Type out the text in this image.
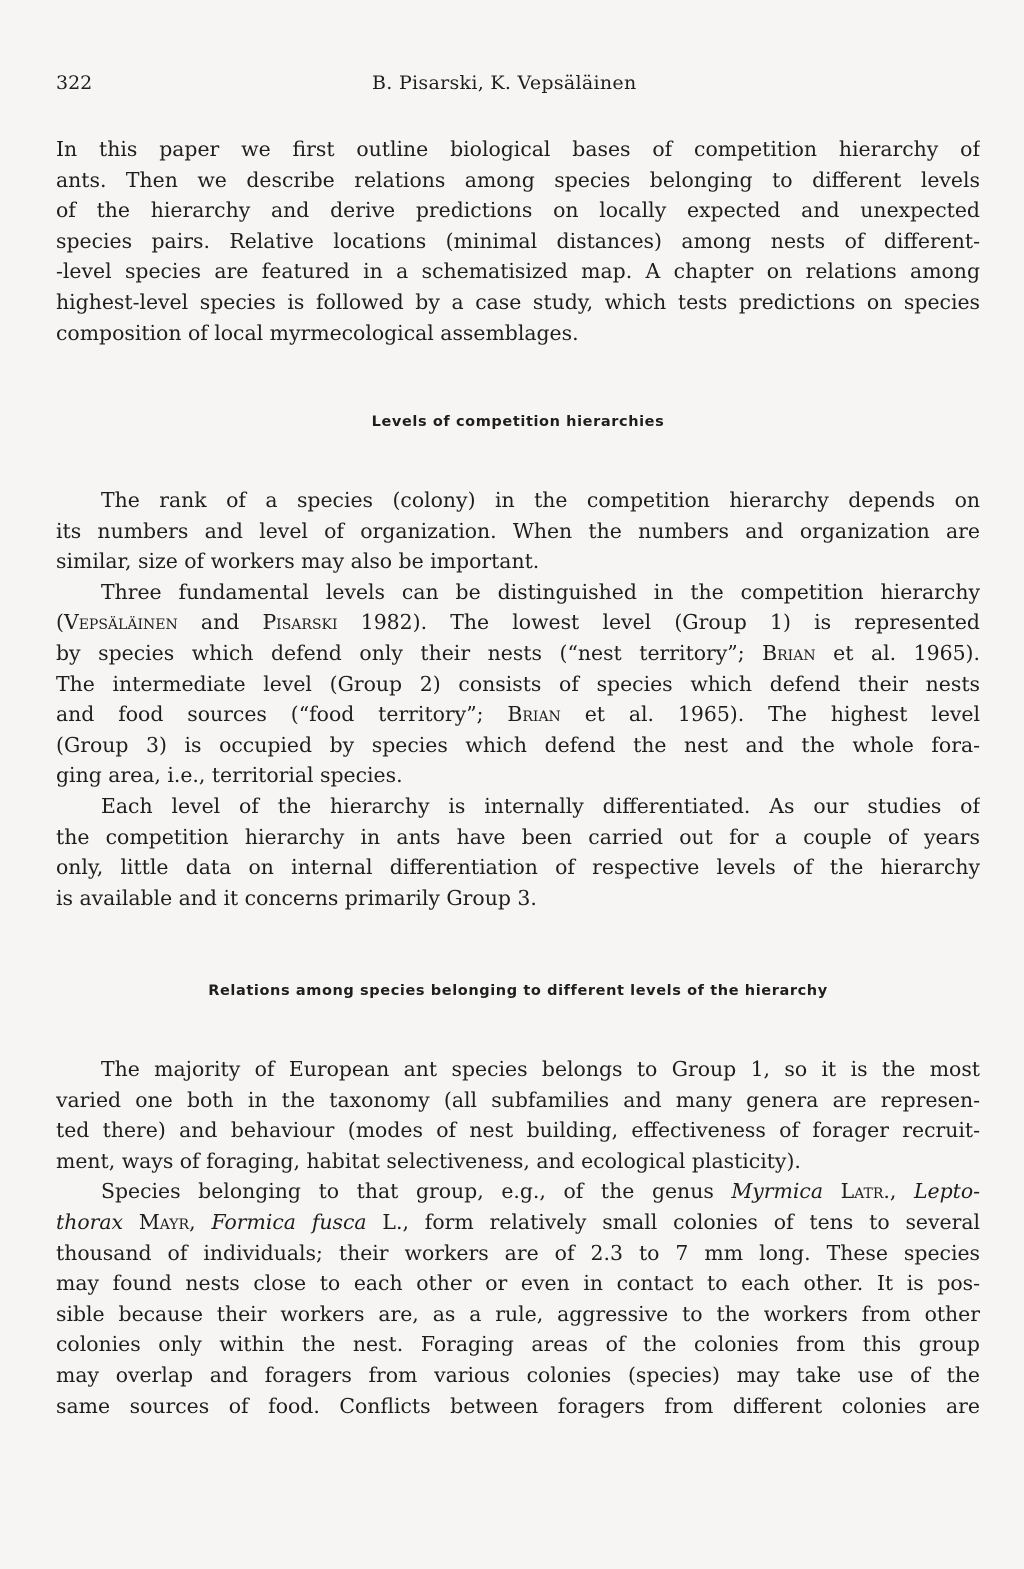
322	B. Pisarski, K. Vepsäläinen
In this paper we first outline biological bases of competition hierarchy of
ants. Then we describe relations among species belonging to different levels
of the hierarchy and derive predictions on locally expected and unexpected
species pairs. Relative locations (minimal distances) among nests of different-
-level species are featured in a schematisized map. A chapter on relations among
highest-level species is followed by a case study, which tests predictions on species
composition of local myrmecological assemblages.
Levels of competition hierarchies
The rank of a species (colony) in the competition hierarchy depends on
its numbers and level of organization. When the numbers and organization are
similar, size of workers may also be important.
Three fundamental levels can be distinguished in the competition hierarchy
(Vepsäläinen and Pisarski 1982). The lowest level (Group 1) is represented
by species which defend only their nests (“nest territory”; Brian et al. 1965).
The intermediate level (Group 2) consists of species which defend their nests
and food sources (“food territory”; Brian et al. 1965). The highest level
(Group 3) is occupied by species which defend the nest and the whole fora-
ging area, i.e., territorial species.
Each level of the hierarchy is internally differentiated. As our studies of
the competition hierarchy in ants have been carried out for a couple of years
only, little data on internal differentiation of respective levels of the hierarchy
is available and it concerns primarily Group 3.
Relations among species belonging to different levels of the hierarchy
The majority of European ant species belongs to Group 1, so it is the most
varied one both in the taxonomy (all subfamilies and many genera are represen-
ted there) and behaviour (modes of nest building, effectiveness of forager recruit-
ment, ways of foraging, habitat selectiveness, and ecological plasticity).
Species belonging to that group, e.g., of the genus Myrmica Latr., Lepto-
thorax Mayr, Formica fusca L., form relatively small colonies of tens to several
thousand of individuals; their workers are of 2.3 to 7 mm long. These species
may found nests close to each other or even in contact to each other. It is pos-
sible because their workers are, as a rule, aggressive to the workers from other
colonies only within the nest. Foraging areas of the colonies from this group
may overlap and foragers from various colonies (species) may take use of the
same sources of food. Conflicts between foragers from different colonies are
